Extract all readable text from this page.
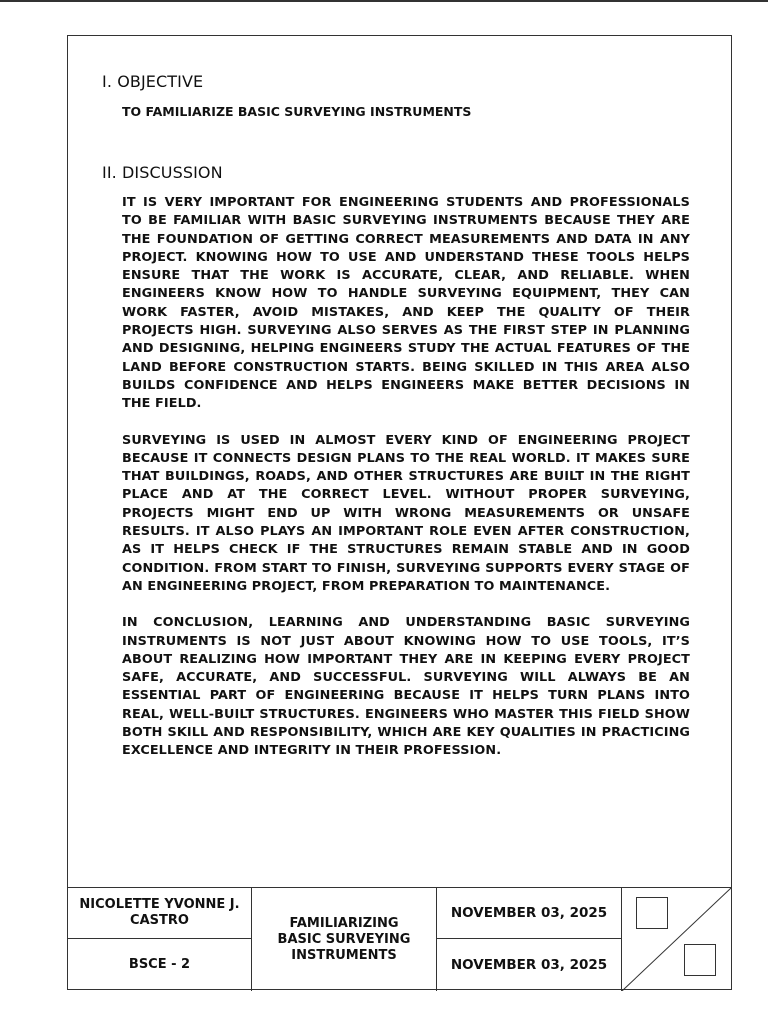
I. OBJECTIVE
TO FAMILIARIZE BASIC SURVEYING INSTRUMENTS
II. DISCUSSION

IT IS VERY IMPORTANT FOR ENGINEERING STUDENTS AND PROFESSIONALS TO BE FAMILIAR WITH BASIC SURVEYING INSTRUMENTS BECAUSE THEY ARE THE FOUNDATION OF GETTING CORRECT MEASUREMENTS AND DATA IN ANY PROJECT. KNOWING HOW TO USE AND UNDERSTAND THESE TOOLS HELPS ENSURE THAT THE WORK IS ACCURATE, CLEAR, AND RELIABLE. WHEN ENGINEERS KNOW HOW TO HANDLE SURVEYING EQUIPMENT, THEY CAN WORK FASTER, AVOID MISTAKES, AND KEEP THE QUALITY OF THEIR PROJECTS HIGH. SURVEYING ALSO SERVES AS THE FIRST STEP IN PLANNING AND DESIGNING, HELPING ENGINEERS STUDY THE ACTUAL FEATURES OF THE LAND BEFORE CONSTRUCTION STARTS. BEING SKILLED IN THIS AREA ALSO BUILDS CONFIDENCE AND HELPS ENGINEERS MAKE BETTER DECISIONS IN THE FIELD.

SURVEYING IS USED IN ALMOST EVERY KIND OF ENGINEERING PROJECT BECAUSE IT CONNECTS DESIGN PLANS TO THE REAL WORLD. IT MAKES SURE THAT BUILDINGS, ROADS, AND OTHER STRUCTURES ARE BUILT IN THE RIGHT PLACE AND AT THE CORRECT LEVEL. WITHOUT PROPER SURVEYING, PROJECTS MIGHT END UP WITH WRONG MEASUREMENTS OR UNSAFE RESULTS. IT ALSO PLAYS AN IMPORTANT ROLE EVEN AFTER CONSTRUCTION, AS IT HELPS CHECK IF THE STRUCTURES REMAIN STABLE AND IN GOOD CONDITION. FROM START TO FINISH, SURVEYING SUPPORTS EVERY STAGE OF AN ENGINEERING PROJECT, FROM PREPARATION TO MAINTENANCE.

IN CONCLUSION, LEARNING AND UNDERSTANDING BASIC SURVEYING INSTRUMENTS IS NOT JUST ABOUT KNOWING HOW TO USE TOOLS, IT’S ABOUT REALIZING HOW IMPORTANT THEY ARE IN KEEPING EVERY PROJECT SAFE, ACCURATE, AND SUCCESSFUL. SURVEYING WILL ALWAYS BE AN ESSENTIAL PART OF ENGINEERING BECAUSE IT HELPS TURN PLANS INTO REAL, WELL-BUILT STRUCTURES. ENGINEERS WHO MASTER THIS FIELD SHOW BOTH SKILL AND RESPONSIBILITY, WHICH ARE KEY QUALITIES IN PRACTICING EXCELLENCE AND INTEGRITY IN THEIR PROFESSION.

NICOLETTE YVONNE J. CASTRO
BSCE - 2
FAMILIARIZING BASIC SURVEYING INSTRUMENTS
NOVEMBER 03, 2025
NOVEMBER 03, 2025
